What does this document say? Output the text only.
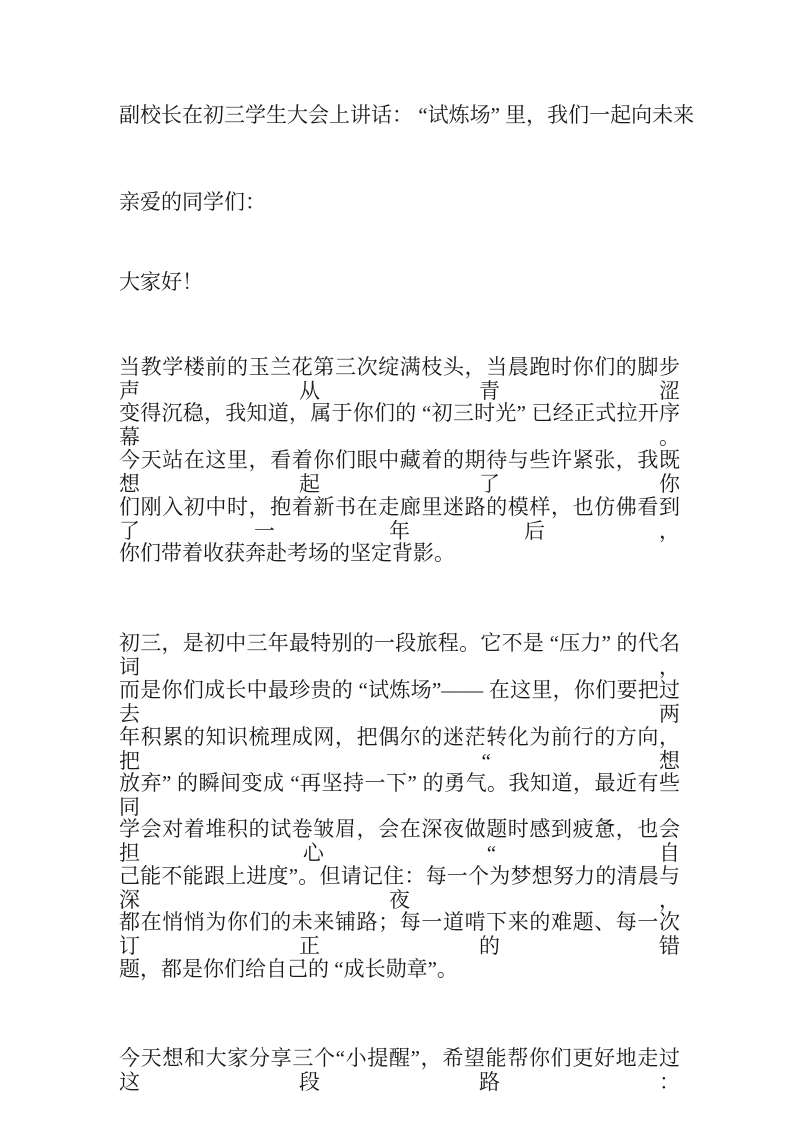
副校长在初三学生大会上讲话： “试炼场” 里，我们一起向未来
亲爱的同学们：
大家好！
当教学楼前的玉兰花第三次绽满枝头，当晨跑时你们的脚步声从青涩
变得沉稳，我知道，属于你们的 “初三时光” 已经正式拉开序幕。
今天站在这里，看着你们眼中藏着的期待与些许紧张，我既想起了你
们刚入初中时，抱着新书在走廊里迷路的模样，也仿佛看到了一年后，
你们带着收获奔赴考场的坚定背影。
初三，是初中三年最特别的一段旅程。它不是 “压力” 的代名词，
而是你们成长中最珍贵的 “试炼场”—— 在这里，你们要把过去两
年积累的知识梳理成网，把偶尔的迷茫转化为前行的方向，把 “想
放弃” 的瞬间变成 “再坚持一下” 的勇气。我知道，最近有些同
学会对着堆积的试卷皱眉，会在深夜做题时感到疲惫，也会担心“自
己能不能跟上进度”。但请记住：每一个为梦想努力的清晨与深夜，
都在悄悄为你们的未来铺路；每一道啃下来的难题、每一次订正的错
题，都是你们给自己的 “成长勋章”。
今天想和大家分享三个“小提醒”，希望能帮你们更好地走过这段路：
